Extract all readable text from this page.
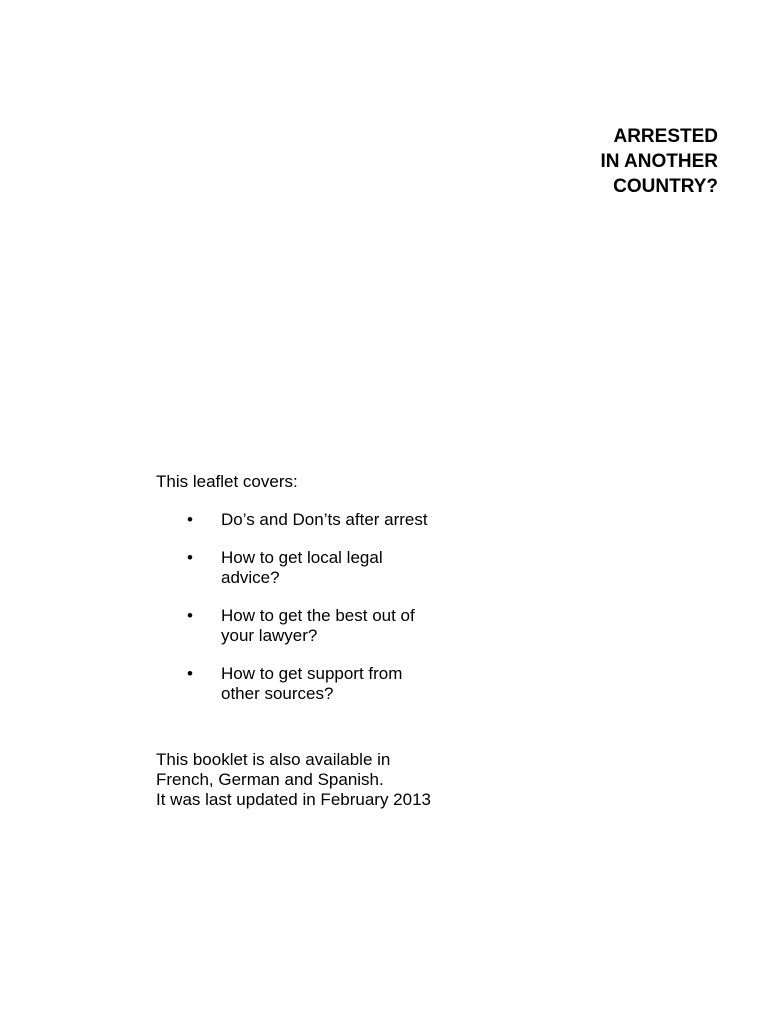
ARRESTED
IN ANOTHER
COUNTRY?

This leaflet covers:

• Do’s and Don’ts after arrest
• How to get local legal advice?
• How to get the best out of your lawyer?
• How to get support from other sources?

This booklet is also available in
French, German and Spanish.
It was last updated in February 2013
